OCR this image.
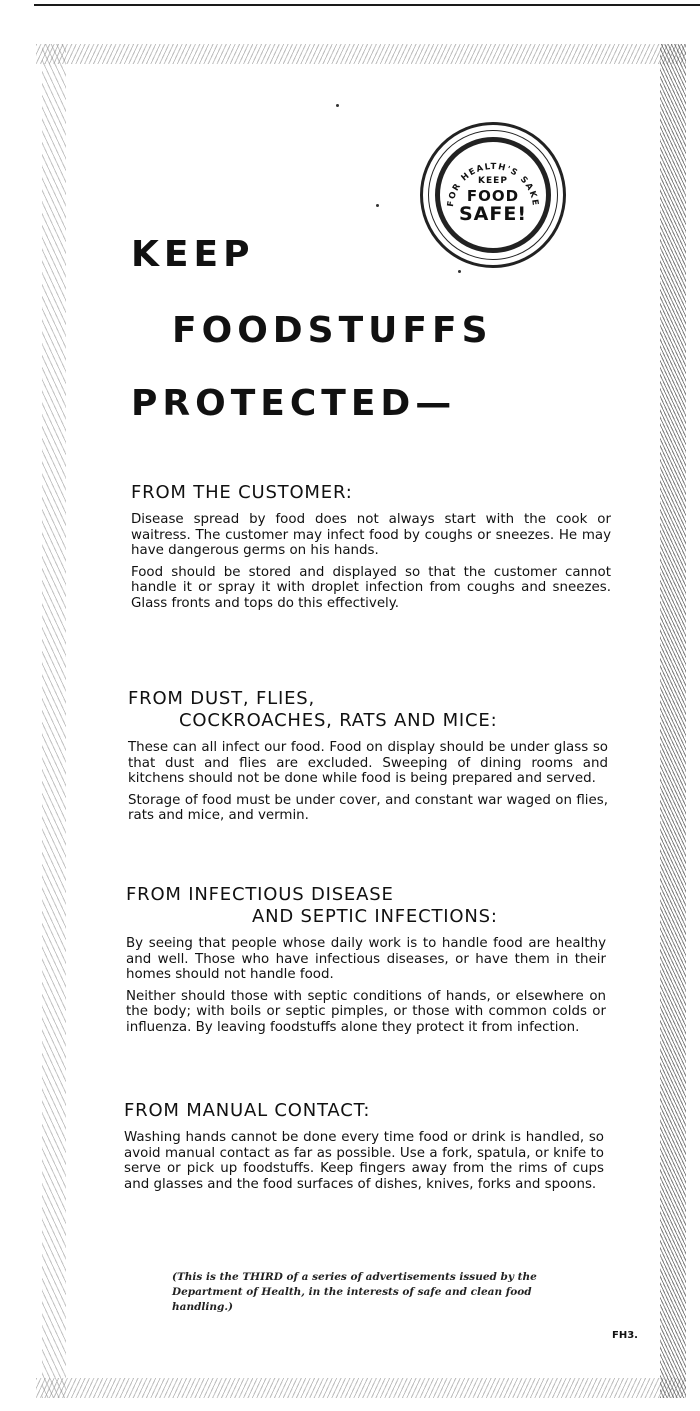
FOR HEALTH'S SAKE
KEEP
FOOD
SAFE!
KEEP
FOODSTUFFS
PROTECTED—
FROM THE CUSTOMER:

Disease spread by food does not always start with the cook or waitress. The customer may infect food by coughs or sneezes. He may have dangerous germs on his hands.

Food should be stored and displayed so that the customer cannot handle it or spray it with droplet infection from coughs and sneezes. Glass fronts and tops do this effectively.

FROM DUST, FLIES,
COCKROACHES, RATS AND MICE:

These can all infect our food. Food on display should be under glass so that dust and flies are excluded. Sweeping of dining rooms and kitchens should not be done while food is being prepared and served.

Storage of food must be under cover, and constant war waged on flies, rats and mice, and vermin.

FROM INFECTIOUS DISEASE
AND SEPTIC INFECTIONS:

By seeing that people whose daily work is to handle food are healthy and well. Those who have infectious diseases, or have them in their homes should not handle food.

Neither should those with septic conditions of hands, or elsewhere on the body; with boils or septic pimples, or those with common colds or influenza. By leaving foodstuffs alone they protect it from infection.

FROM MANUAL CONTACT:

Washing hands cannot be done every time food or drink is handled, so avoid manual contact as far as possible. Use a fork, spatula, or knife to serve or pick up foodstuffs. Keep fingers away from the rims of cups and glasses and the food surfaces of dishes, knives, forks and spoons.

(This is the THIRD of a series of advertisements issued by the Department of Health, in the interests of safe and clean food handling.)

FH3.
